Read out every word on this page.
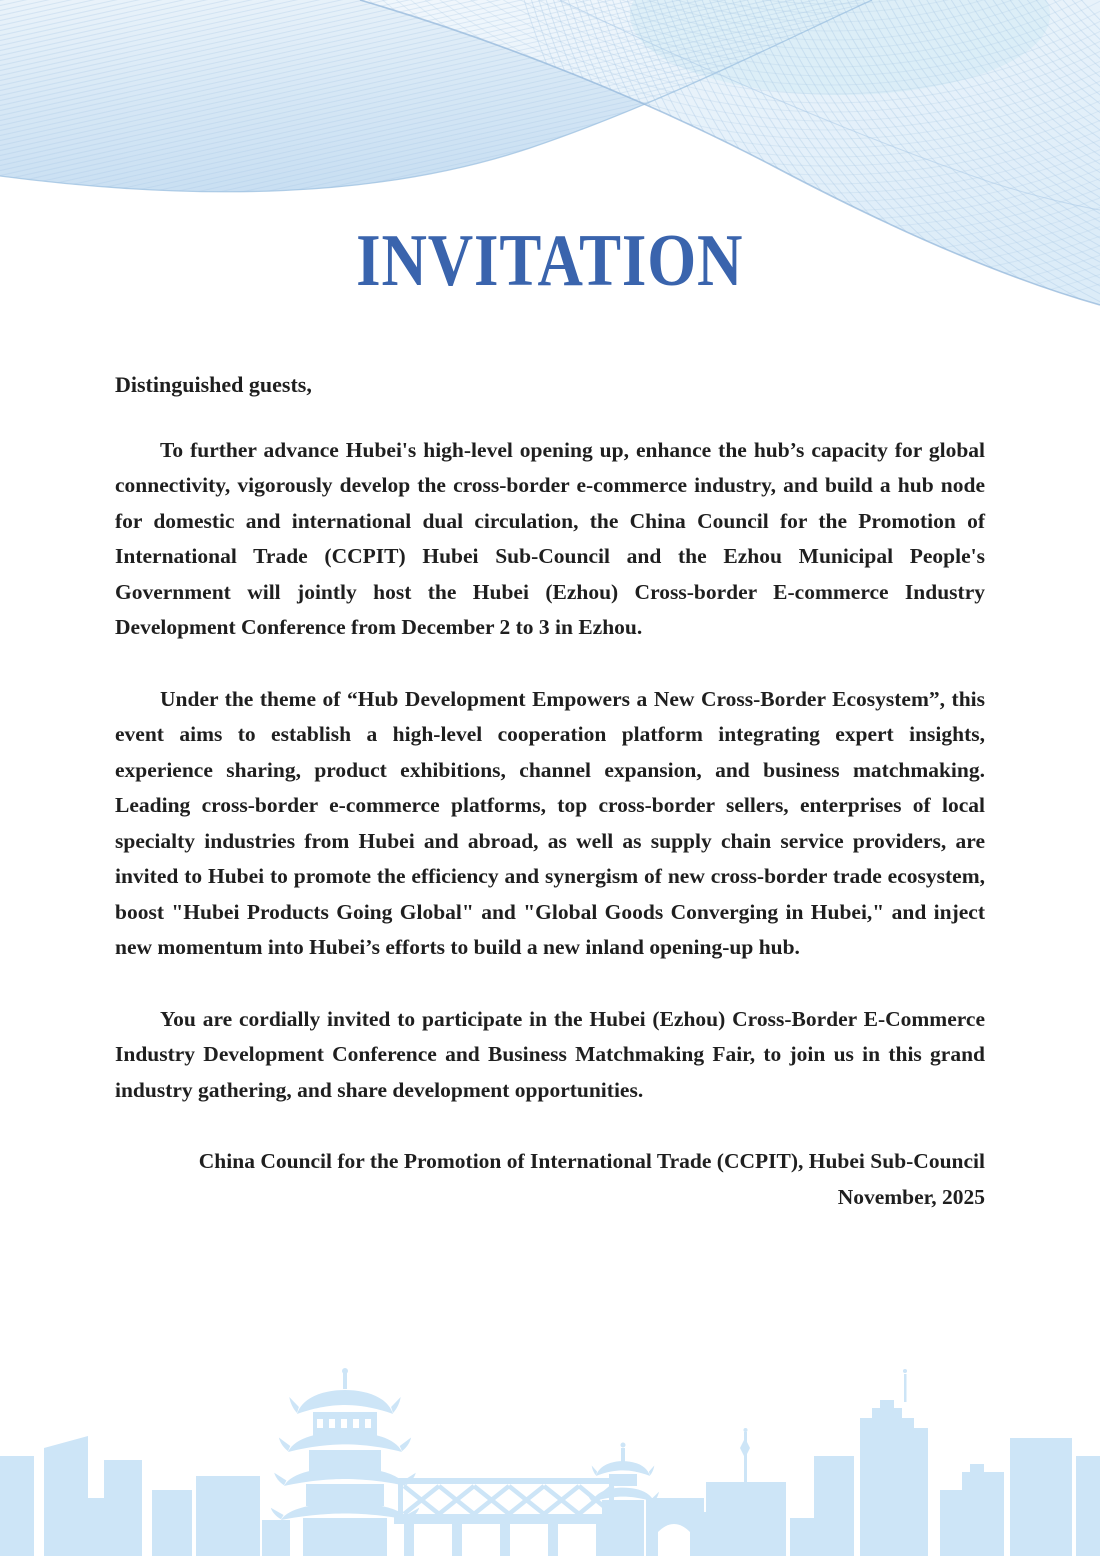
INVITATION

Distinguished guests,

To further advance Hubei's high-level opening up, enhance the hub’s capacity for global connectivity, vigorously develop the cross-border e-commerce industry, and build a hub node for domestic and international dual circulation, the China Council for the Promotion of International Trade (CCPIT) Hubei Sub-Council and the Ezhou Municipal People's Government will jointly host the Hubei (Ezhou) Cross-border E-commerce Industry Development Conference from December 2 to 3 in Ezhou.

Under the theme of “Hub Development Empowers a New Cross-Border Ecosystem”, this event aims to establish a high-level cooperation platform integrating expert insights, experience sharing, product exhibitions, channel expansion, and business matchmaking. Leading cross-border e-commerce platforms, top cross-border sellers, enterprises of local specialty industries from Hubei and abroad, as well as supply chain service providers, are invited to Hubei to promote the efficiency and synergism of new cross-border trade ecosystem, boost "Hubei Products Going Global" and "Global Goods Converging in Hubei," and inject new momentum into Hubei’s efforts to build a new inland opening-up hub.

You are cordially invited to participate in the Hubei (Ezhou) Cross-Border E-Commerce Industry Development Conference and Business Matchmaking Fair, to join us in this grand industry gathering, and share development opportunities.

China Council for the Promotion of International Trade (CCPIT), Hubei Sub-Council

November, 2025
